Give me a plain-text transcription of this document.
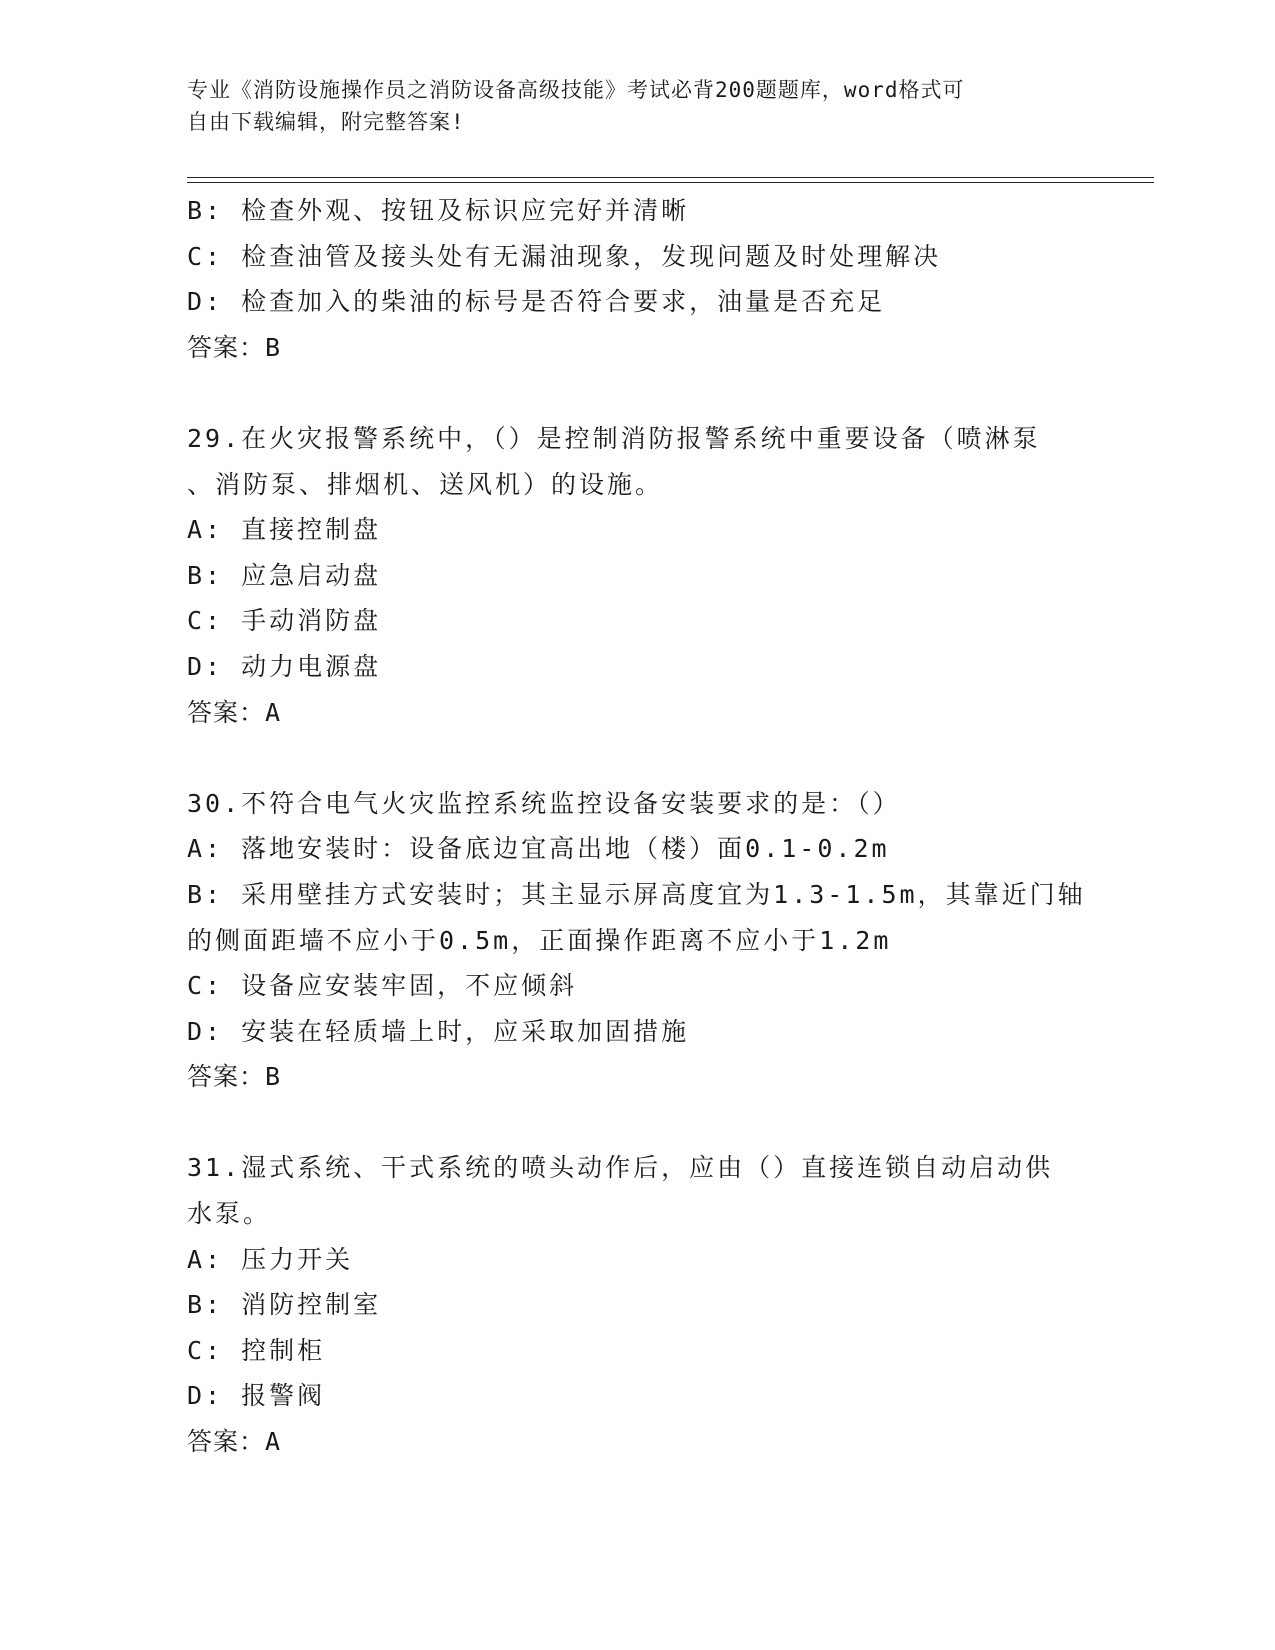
专业《消防设施操作员之消防设备高级技能》考试必背200题题库，word格式可
自由下载编辑，附完整答案!
B: 检查外观、按钮及标识应完好并清晰
C: 检查油管及接头处有无漏油现象，发现问题及时处理解决
D: 检查加入的柴油的标号是否符合要求，油量是否充足
答案：B
29.在火灾报警系统中，（）是控制消防报警系统中重要设备（喷淋泵
、消防泵、排烟机、送风机）的设施。
A: 直接控制盘
B: 应急启动盘
C: 手动消防盘
D: 动力电源盘
答案：A
30.不符合电气火灾监控系统监控设备安装要求的是：（）
A: 落地安装时：设备底边宜高出地（楼）面0.1-0.2m
B: 采用壁挂方式安装时；其主显示屏高度宜为1.3-1.5m，其靠近门轴
的侧面距墙不应小于0.5m，正面操作距离不应小于1.2m
C: 设备应安装牢固，不应倾斜
D: 安装在轻质墙上时，应采取加固措施
答案：B
31.湿式系统、干式系统的喷头动作后，应由（）直接连锁自动启动供
水泵。
A: 压力开关
B: 消防控制室
C: 控制柜
D: 报警阀
答案：A
